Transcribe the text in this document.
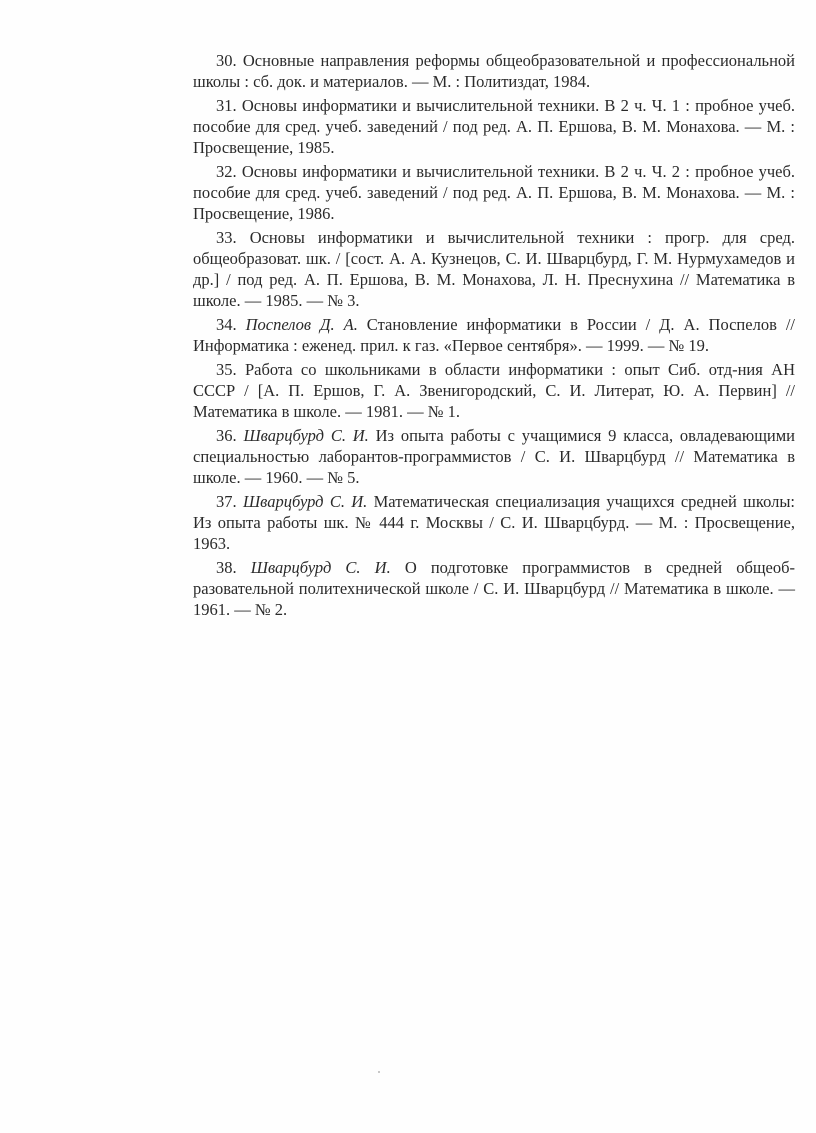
30. Основные направления реформы общеобразовательной и профессиональной школы : сб. док. и материалов. — М. : Политиздат, 1984.

31. Основы информатики и вычислительной техники. В 2 ч. Ч. 1 : пробное учеб. пособие для сред. учеб. заведений / под ред. А. П. Ершова, В. М. Монахова. — М. : Просвещение, 1985.

32. Основы информатики и вычислительной техники. В 2 ч. Ч. 2 : пробное учеб. пособие для сред. учеб. заведений / под ред. А. П. Ершова, В. М. Монахова. — М. : Просвещение, 1986.

33. Основы информатики и вычислительной техники : прогр. для сред. общеобразоват. шк. / [сост. А. А. Кузнецов, С. И. Шварцбурд, Г. М. Нурмухамедов и др.] / под ред. А. П. Ершова, В. М. Монахова, Л. Н. Преснухина // Математика в школе. — 1985. — № 3.

34. Поспелов Д. А. Становление информатики в России / Д. А. Поспелов // Информатика : еженед. прил. к газ. «Первое сентября». — 1999. — № 19.

35. Работа со школьниками в области информатики : опыт Сиб. отд-ния АН СССР / [А. П. Ершов, Г. А. Звенигородский, С. И. Литерат, Ю. А. Первин] // Математика в школе. — 1981. — № 1.

36. Шварцбурд С. И. Из опыта работы с учащимися 9 класса, овладевающими специальностью лаборантов-программистов / С. И. Шварцбурд // Математика в школе. — 1960. — № 5.

37. Шварцбурд С. И. Математическая специализация учащихся средней школы: Из опыта работы шк. № 444 г. Москвы / С. И. Шварцбурд. — М. : Просвещение, 1963.

38. Шварцбурд С. И. О подготовке программистов в средней общеобразовательной политехнической школе / С. И. Шварцбурд // Математика в школе. — 1961. — № 2.
